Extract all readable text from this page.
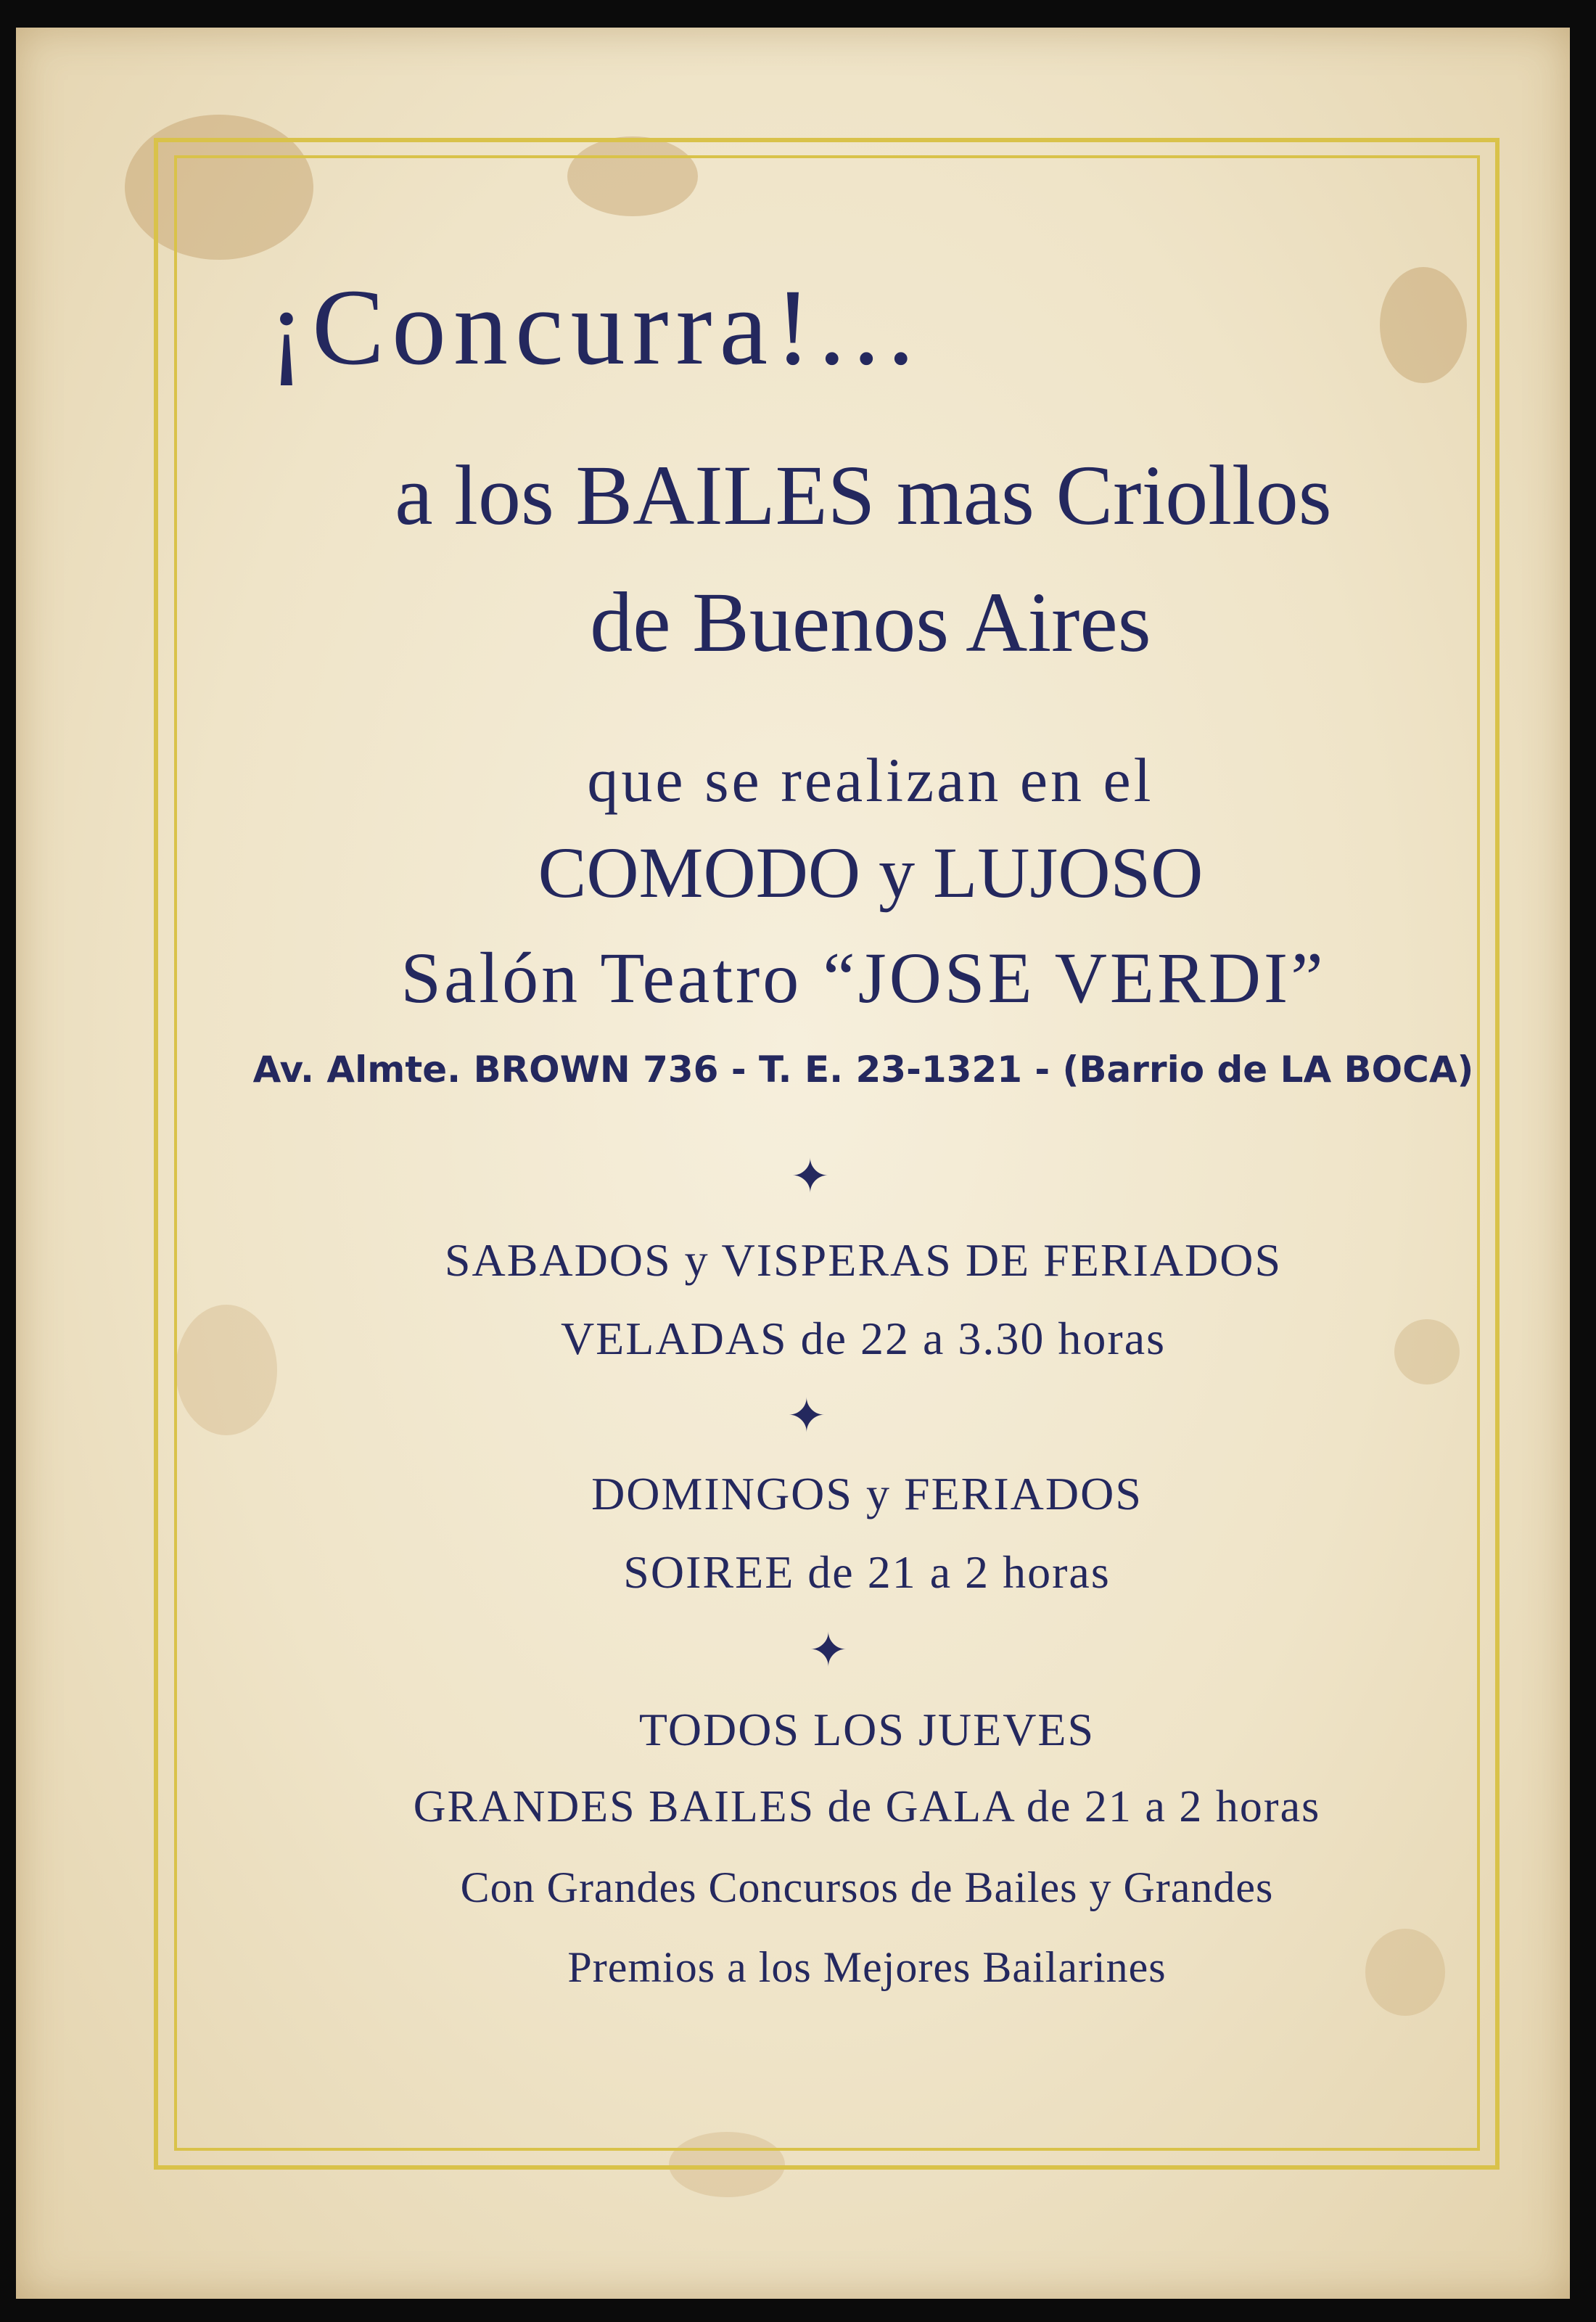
¡Concurra!...
a los BAILES mas Criollos
de Buenos Aires
que se realizan en el
COMODO y LUJOSO
Salón Teatro “JOSE VERDI”
Av. Almte. BROWN 736 - T. E. 23-1321 - (Barrio de LA BOCA)
✦
SABADOS y VISPERAS DE FERIADOS
VELADAS de 22 a 3.30 horas
✦
DOMINGOS y FERIADOS
SOIREE de 21 a 2 horas
✦
TODOS LOS JUEVES
GRANDES BAILES de GALA de 21 a 2 horas
Con Grandes Concursos de Bailes y Grandes
Premios a los Mejores Bailarines
